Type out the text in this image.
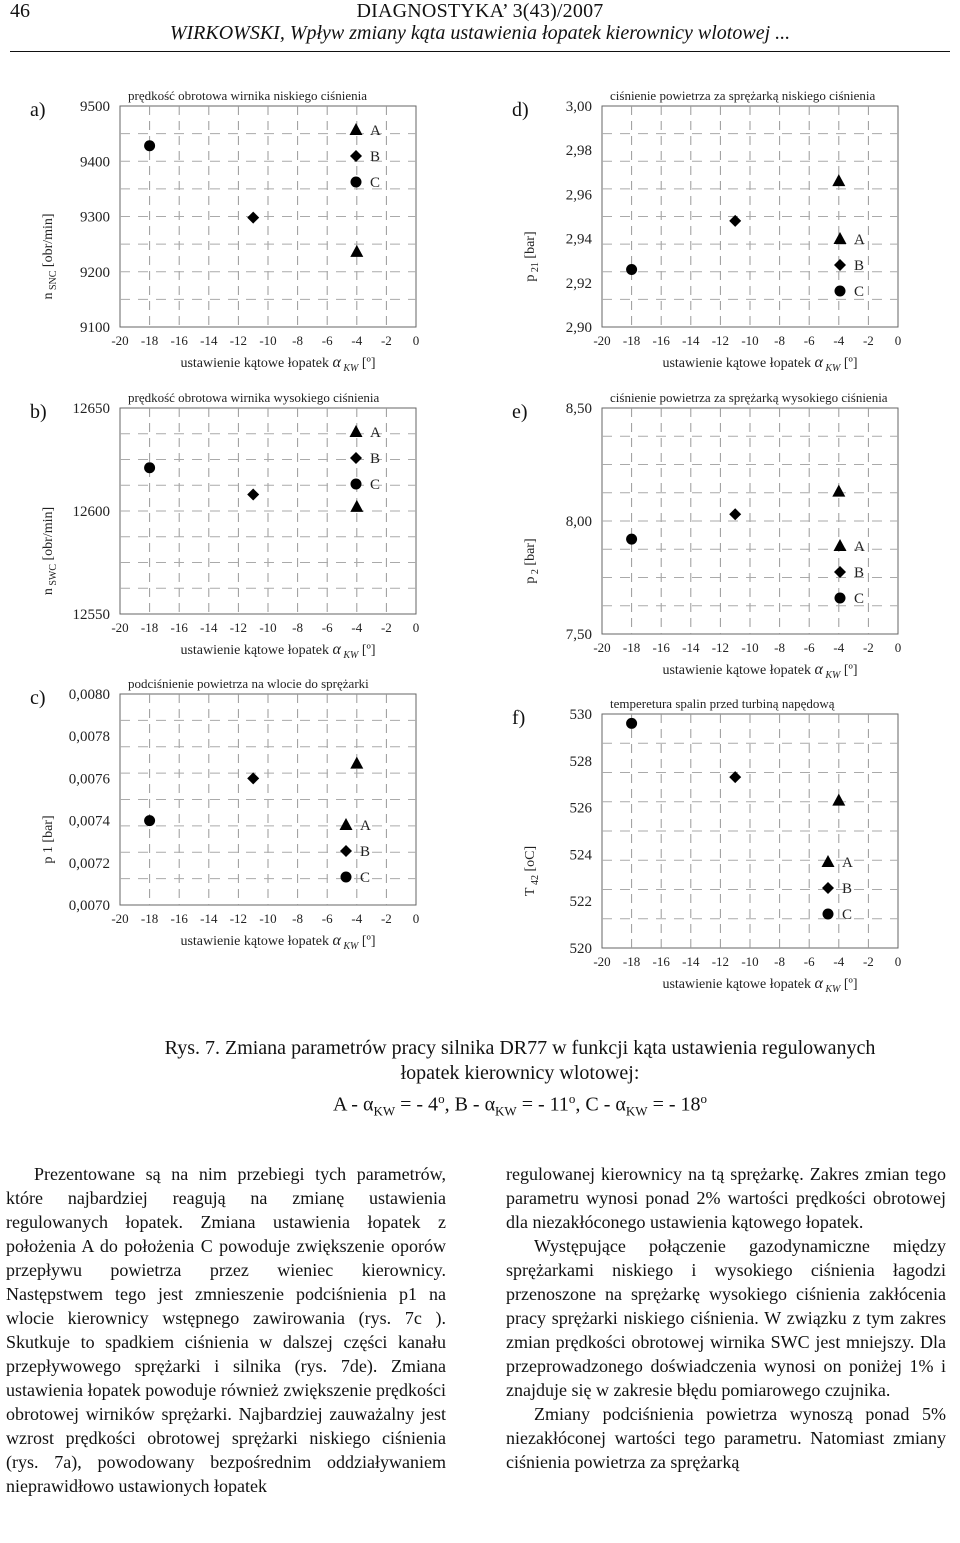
46	DIAGNOSTYKA’ 3(43)/2007
WIRKOWSKI, Wpływ zmiany kąta ustawienia łopatek kierownicy wlotowej ...
-20 -18 -16 -14 -12 -10 -8 -6 -4 -2 0
9500
9400
9300
9200
9100
a)
prędkość obrotowa wirnika niskiego ciśnienia
n $_{SNC}$ [obr/min]
ustawienie kątowe łopatek α $_{KW}$ [º]
A
B
C
-20 -18 -16 -14 -12 -10 -8 -6 -4 -2 0
12650
12600
12550
b)
prędkość obrotowa wirnika wysokiego ciśnienia
n $_{SWC}$ [obr/min]
ustawienie kątowe łopatek α $_{KW}$ [º]
A
B
C
-20 -18 -16 -14 -12 -10 -8 -6 -4 -2 0
0,0080
0,0078
0,0076
0,0074
0,0072
0,0070
c)
podciśnienie powietrza na wlocie do sprężarki
p 1 [bar]
ustawienie kątowe łopatek α $_{KW}$ [º]
A
B
C
-20 -18 -16 -14 -12 -10 -8 -6 -4 -2 0
3,00
2,98
2,96
2,94
2,92
2,90
d)
ciśnienie powietrza za sprężarką niskiego ciśnienia
p $_{21}$ [bar]
ustawienie kątowe łopatek α $_{KW}$ [º]
A
B
C
-20 -18 -16 -14 -12 -10 -8 -6 -4 -2 0
8,50
8,00
7,50
e)
ciśnienie powietrza za sprężarką wysokiego ciśnienia
p $_2$ [bar]
ustawienie kątowe łopatek α $_{KW}$ [º]
A
B
C
-20 -18 -16 -14 -12 -10 -8 -6 -4 -2 0
530
528
526
524
522
520
f)
temperetura spalin przed turbiną napędową
T $_{42}$ [oC]
ustawienie kątowe łopatek α $_{KW}$ [º]
A
B
C
Rys. 7. Zmiana parametrów pracy silnika DR77 w funkcji kąta ustawienia regulowanych
łopatek kierownicy wlotowej:
A - $\alpha_{KW}$ = - 4$^o$, B - $\alpha_{KW}$ = - 11$^o$, C - $\alpha_{KW}$ = - 18$^o$

Prezentowane są na nim przebiegi tych parametrów, które najbardziej reagują na zmianę ustawienia regulowanych łopatek. Zmiana ustawienia łopatek z położenia A do położenia C powoduje zwiększenie oporów przepływu powietrza przez wieniec kierownicy. Następstwem tego jest zmnieszenie podciśnienia p1 na wlocie kierownicy wstępnego zawirowania (rys. 7c ). Skutkuje to spadkiem ciśnienia w dalszej części kanału przepływowego sprężarki i silnika (rys. 7de). Zmiana ustawienia łopatek powoduje również zwiększenie prędkości obrotowej wirników sprężarki. Najbardziej zauważalny jest wzrost prędkości obrotowej sprężarki niskiego ciśnienia (rys. 7a), powodowany bezpośrednim oddziaływaniem nieprawidłowo ustawionych łopatek

regulowanej kierownicy na tą sprężarkę. Zakres zmian tego parametru wynosi ponad 2% wartości prędkości obrotowej dla niezakłóconego ustawienia kątowego łopatek.

Występujące połączenie gazodynamiczne między sprężarkami niskiego i wysokiego ciśnienia łagodzi przenoszone na sprężarkę wysokiego ciśnienia zakłócenia pracy sprężarki niskiego ciśnienia. W związku z tym zakres zmian prędkości obrotowej wirnika SWC jest mniejszy. Dla przeprowadzonego doświadczenia wynosi on poniżej 1% i znajduje się w zakresie błędu pomiarowego czujnika.

Zmiany podciśnienia powietrza wynoszą ponad 5% niezakłóconej wartości tego parametru. Natomiast zmiany ciśnienia powietrza za sprężarką
